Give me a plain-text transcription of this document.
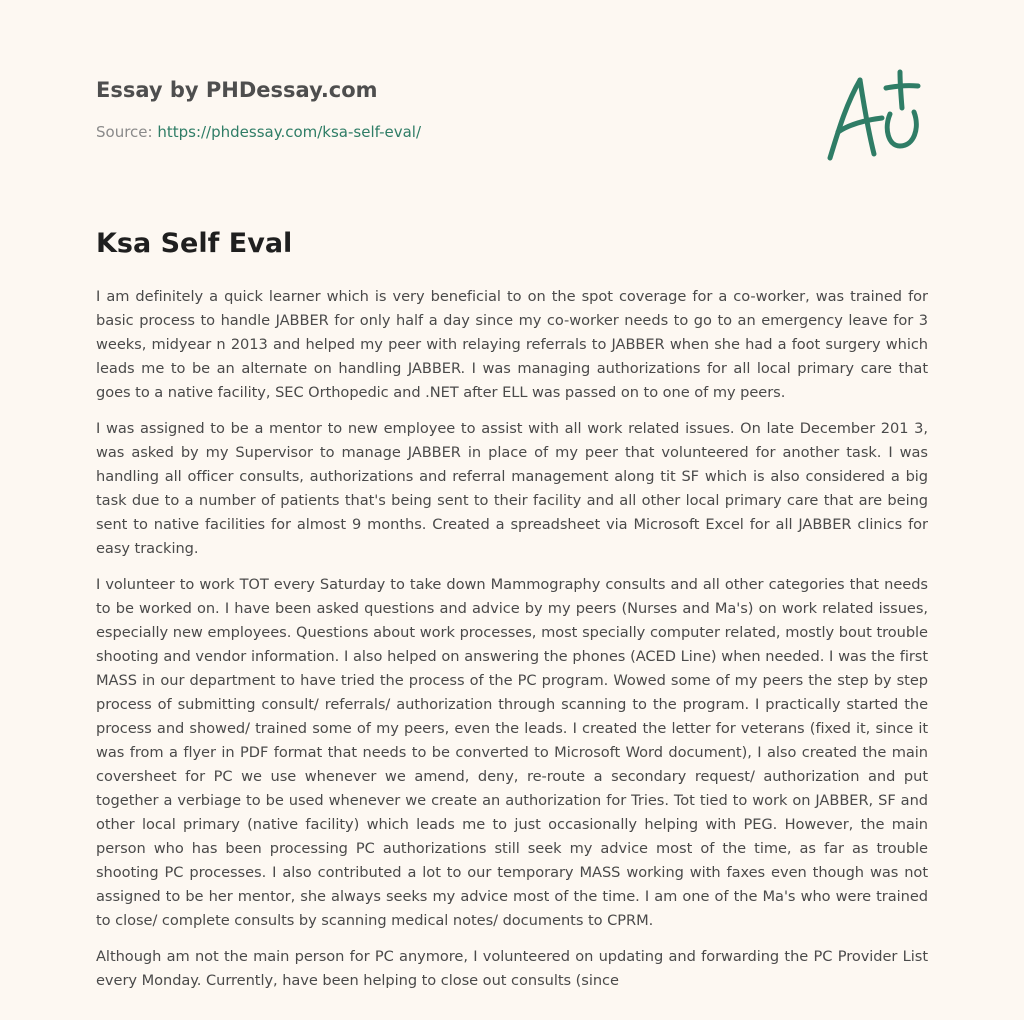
Essay by PHDessay.com
Source: https://phdessay.com/ksa-self-eval/
Ksa Self Eval

I am definitely a quick learner which is very beneficial to on the spot coverage for a co-worker, was trained for basic process to handle JABBER for only half a day since my co-worker needs to go to an emergency leave for 3 weeks, midyear n 2013 and helped my peer with relaying referrals to JABBER when she had a foot surgery which leads me to be an alternate on handling JABBER. I was managing authorizations for all local primary care that goes to a native facility, SEC Orthopedic and .NET after ELL was passed on to one of my peers.

I was assigned to be a mentor to new employee to assist with all work related issues. On late December 201 3, was asked by my Supervisor to manage JABBER in place of my peer that volunteered for another task. I was handling all officer consults, authorizations and referral management along tit SF which is also considered a big task due to a number of patients that's being sent to their facility and all other local primary care that are being sent to native facilities for almost 9 months. Created a spreadsheet via Microsoft Excel for all JABBER clinics for easy tracking.

I volunteer to work TOT every Saturday to take down Mammography consults and all other categories that needs to be worked on. I have been asked questions and advice by my peers (Nurses and Ma's) on work related issues, especially new employees. Questions about work processes, most specially computer related, mostly bout trouble shooting and vendor information. I also helped on answering the phones (ACED Line) when needed. I was the first MASS in our department to have tried the process of the PC program. Wowed some of my peers the step by step process of submitting consult/ referrals/ authorization through scanning to the program. I practically started the process and showed/ trained some of my peers, even the leads. I created the letter for veterans (fixed it, since it was from a flyer in PDF format that needs to be converted to Microsoft Word document), I also created the main coversheet for PC we use whenever we amend, deny, re-route a secondary request/ authorization and put together a verbiage to be used whenever we create an authorization for Tries. Tot tied to work on JABBER, SF and other local primary (native facility) which leads me to just occasionally helping with PEG. However, the main person who has been processing PC authorizations still seek my advice most of the time, as far as trouble shooting PC processes. I also contributed a lot to our temporary MASS working with faxes even though was not assigned to be her mentor, she always seeks my advice most of the time. I am one of the Ma's who were trained to close/ complete consults by scanning medical notes/ documents to CPRM.

Although am not the main person for PC anymore, I volunteered on updating and forwarding the PC Provider List every Monday. Currently, have been helping to close out consults (since
